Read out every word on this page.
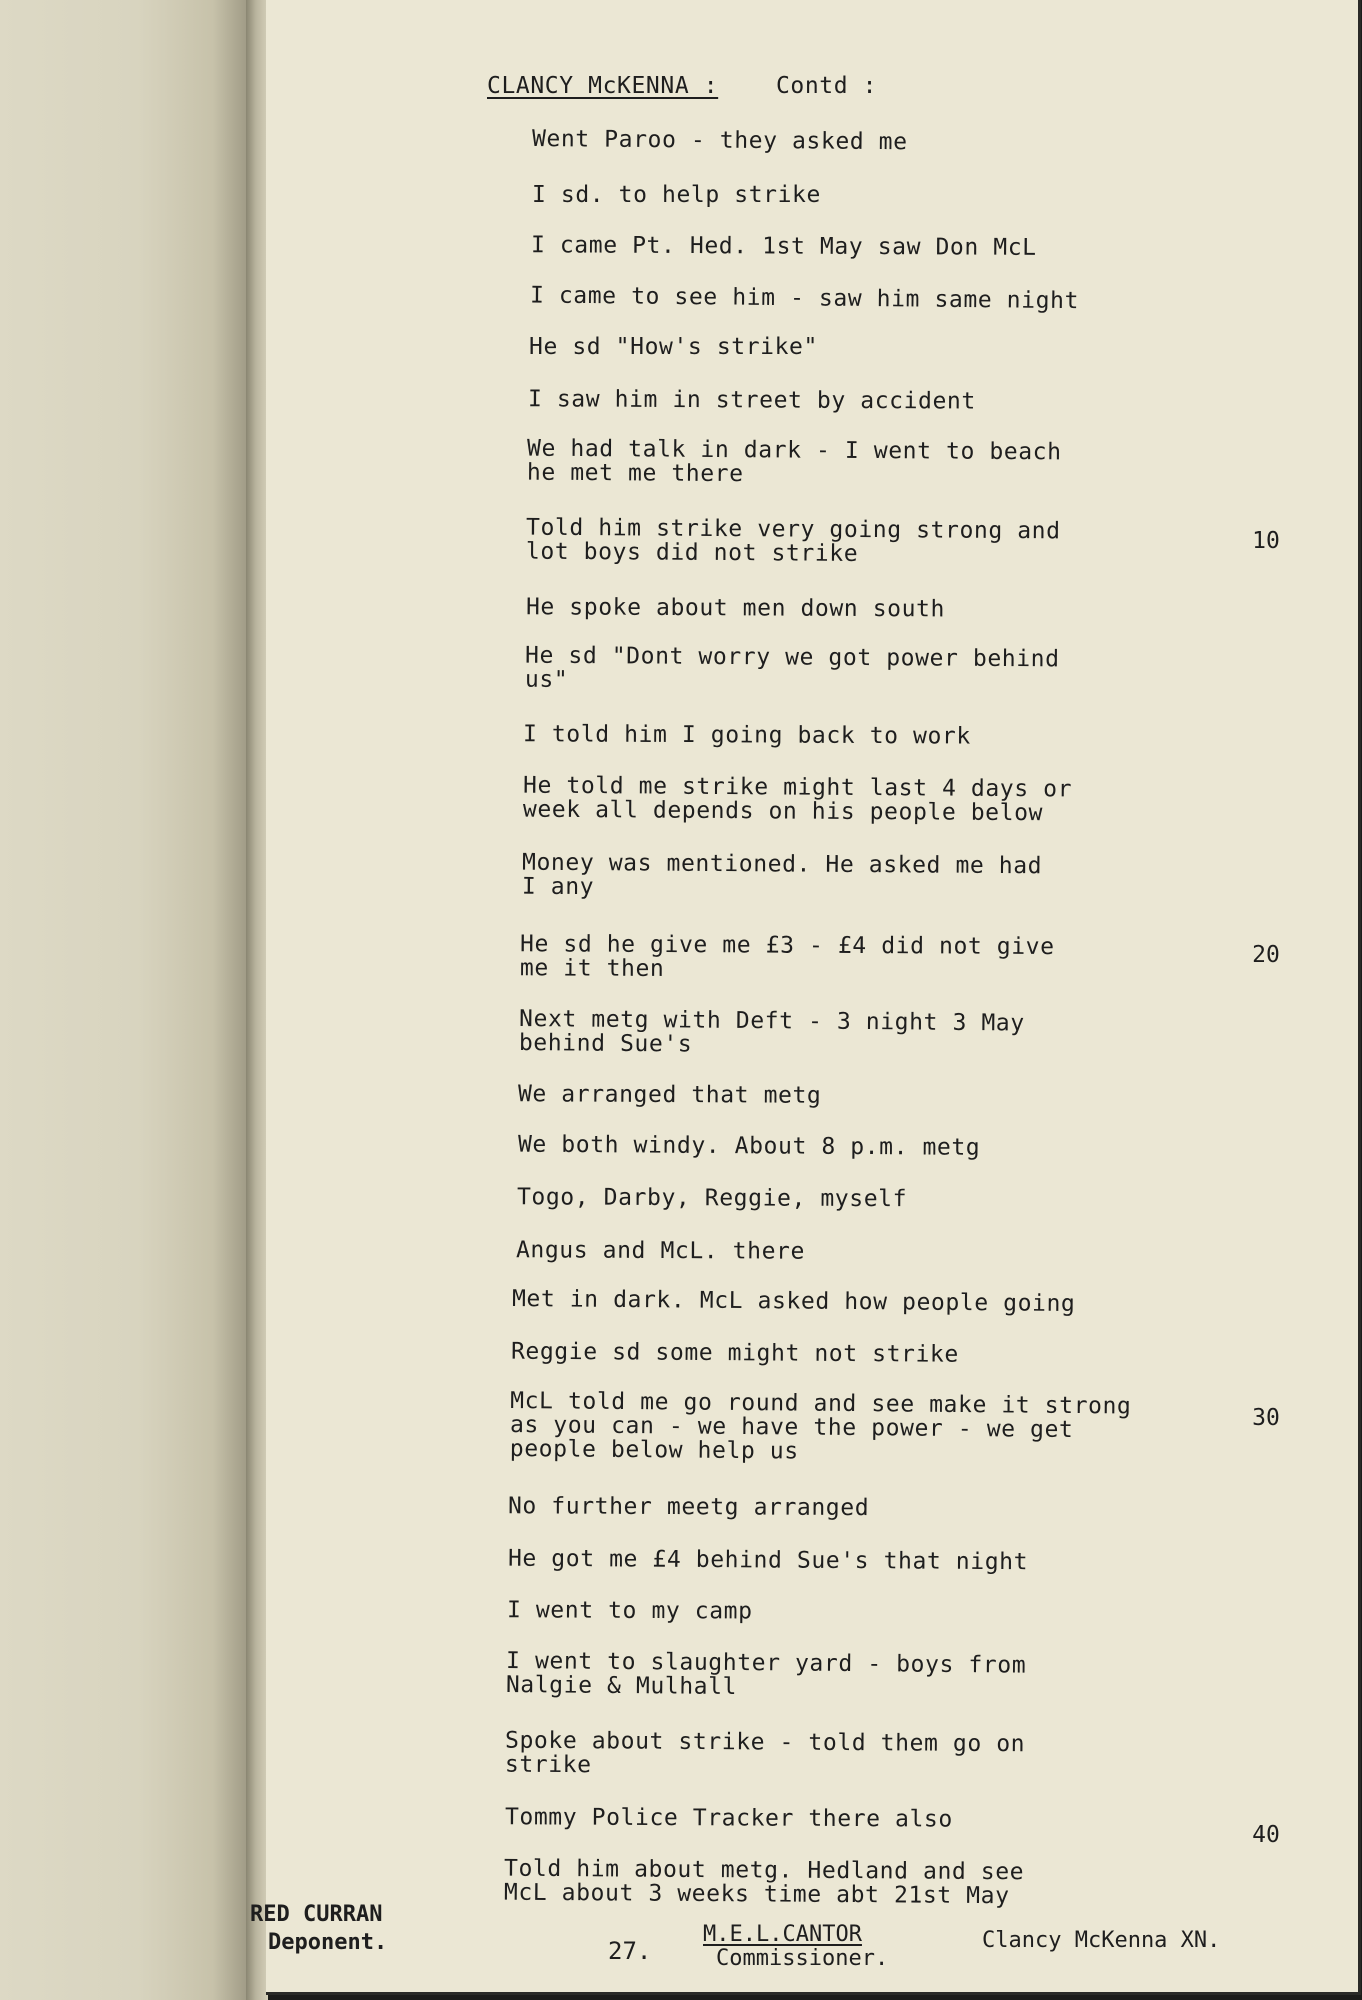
CLANCY McKENNA :	Contd :
Went Paroo - they asked me
I sd. to help strike
I came Pt. Hed. 1st May saw Don McL
I came to see him - saw him same night
He sd "How's strike"
I saw him in street by accident
We had talk in dark - I went to beach
he met me there
Told him strike very going strong and
lot boys did not strike
He spoke about men down south
He sd "Dont worry we got power behind
us"
I told him I going back to work
He told me strike might last 4 days or
week all depends on his people below
Money was mentioned. He asked me had
I any
He sd he give me £3 - £4 did not give
me it then
Next metg with Deft - 3 night 3 May
behind Sue's
We arranged that metg
We both windy. About 8 p.m. metg
Togo, Darby, Reggie, myself
Angus and McL. there
Met in dark. McL asked how people going
Reggie sd some might not strike
McL told me go round and see make it strong
as you can - we have the power - we get
people below help us
No further meetg arranged
He got me £4 behind Sue's that night
I went to my camp
I went to slaughter yard - boys from
Nalgie & Mulhall
Spoke about strike - told them go on
strike
Tommy Police Tracker there also
Told him about metg. Hedland and see
McL about 3 weeks time abt 21st May
10
20
30
40
RED CURRAN
Deponent.	27.
M.E.L.CANTOR
Commissioner.
Clancy McKenna XN.
